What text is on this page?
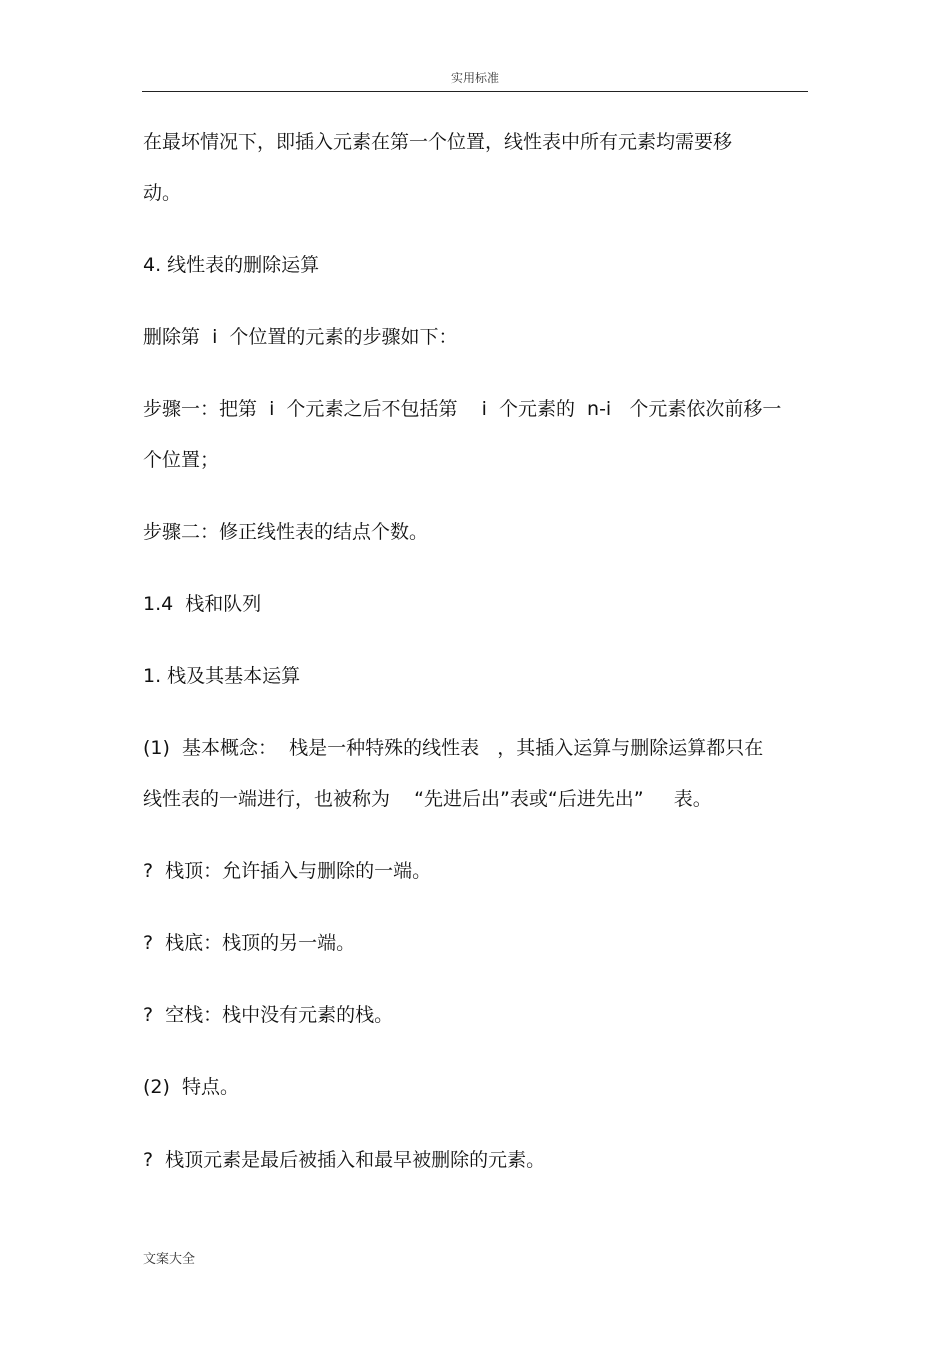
实用标准
在最坏情况下，即插入元素在第一个位置，线性表中所有元素均需要移
动。
4. 线性表的删除运算
删除第  i  个位置的元素的步骤如下：
步骤一：把第  i  个元素之后不包括第    i  个元素的  n-i   个元素依次前移一
个位置；
步骤二：修正线性表的结点个数。
1.4  栈和队列
1. 栈及其基本运算
(1)  基本概念：  栈是一种特殊的线性表   ，其插入运算与删除运算都只在
线性表的一端进行，也被称为    “先进后出”表或“后进先出”     表。
?  栈顶：允许插入与删除的一端。
?  栈底：栈顶的另一端。
?  空栈：栈中没有元素的栈。
(2)  特点。
?  栈顶元素是最后被插入和最早被删除的元素。
文案大全
